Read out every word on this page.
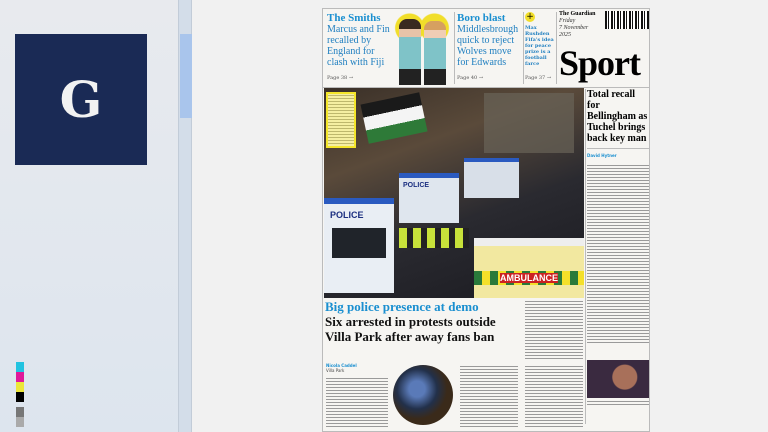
G
The Smiths

Marcus and Fin recalled by England for clash with Fiji

Page 38 →
Boro blast

Middlesbrough quick to reject Wolves move for Edwards

Page 40 →
+

Max Rushden Fifa's idea for peace prize is a football farce

Page 37 →
The Guardian
Friday
7 November
2025
Sport
POLICE
POLICE
AMBULANCE
Total recall for Bellingham as Tuchel brings back key man
David Hytner
Big police presence at demo
Six arrested in protests outside Villa Park after away fans ban
Nicola Caddel
Villa Park
